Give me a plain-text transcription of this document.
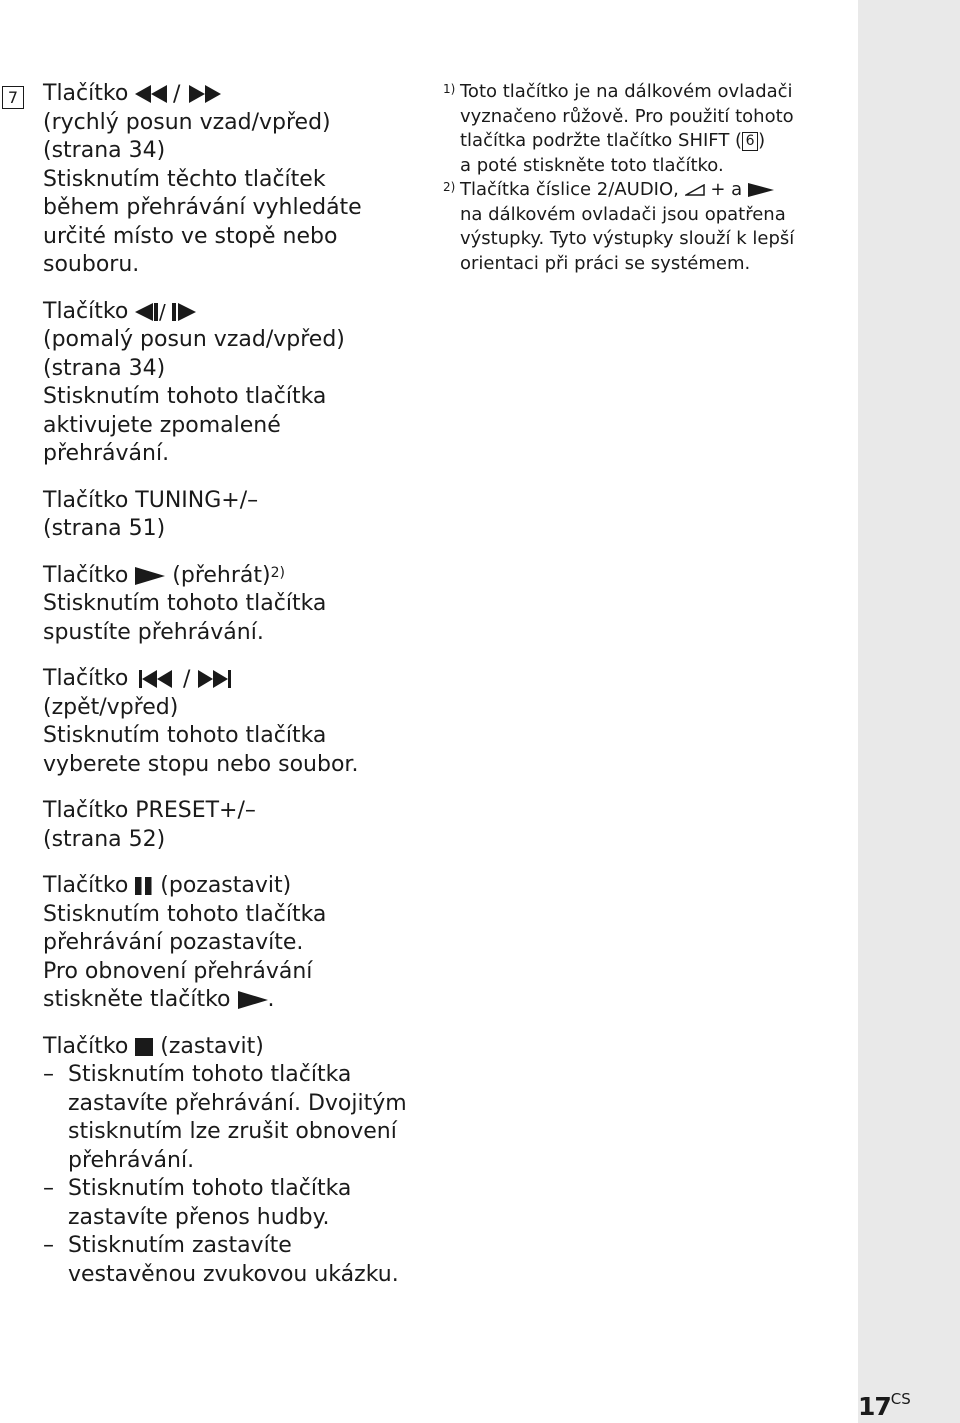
7 Tlačítko /

(rychlý posun vzad/vpřed)

(strana 34)

Stisknutím těchto tlačítek

během přehrávání vyhledáte

určité místo ve stopě nebo

souboru.

Tlačítko /

(pomalý posun vzad/vpřed)

(strana 34)

Stisknutím tohoto tlačítka

aktivujete zpomalené

přehrávání.

Tlačítko TUNING+/–

(strana 51)

Tlačítko
(přehrát)$^{2)}$

Stisknutím tohoto tlačítka

spustíte přehrávání.

Tlačítko /

(zpět/vpřed)

Stisknutím tohoto tlačítka

vyberete stopu nebo soubor.

Tlačítko PRESET+/–

(strana 52)

Tlačítko
(pozastavit)

Stisknutím tohoto tlačítka

přehrávání pozastavíte.

Pro obnovení přehrávání

stiskněte tlačítko
.

Tlačítko
(zastavit)

– Stisknutím tohoto tlačítka
zastavíte přehrávání. Dvojitým
stisknutím lze zrušit obnovení
přehrávání.
– Stisknutím tohoto tlačítka
zastavíte přenos hudby.
– Stisknutím zastavíte
vestavěnou zvukovou ukázku.
1) Toto tlačítko je na dálkovém ovladači
vyznačeno růžově. Pro použití tohoto
tlačítka podržte tlačítko SHIFT ( 6 )
a poté stiskněte toto tlačítko.
2) Tlačítka číslice 2/AUDIO,
+ a
na dálkovém ovladači jsou opatřena
výstupky. Tyto výstupky slouží k lepší
orientaci při práci se systémem.
$17^{CS}$
